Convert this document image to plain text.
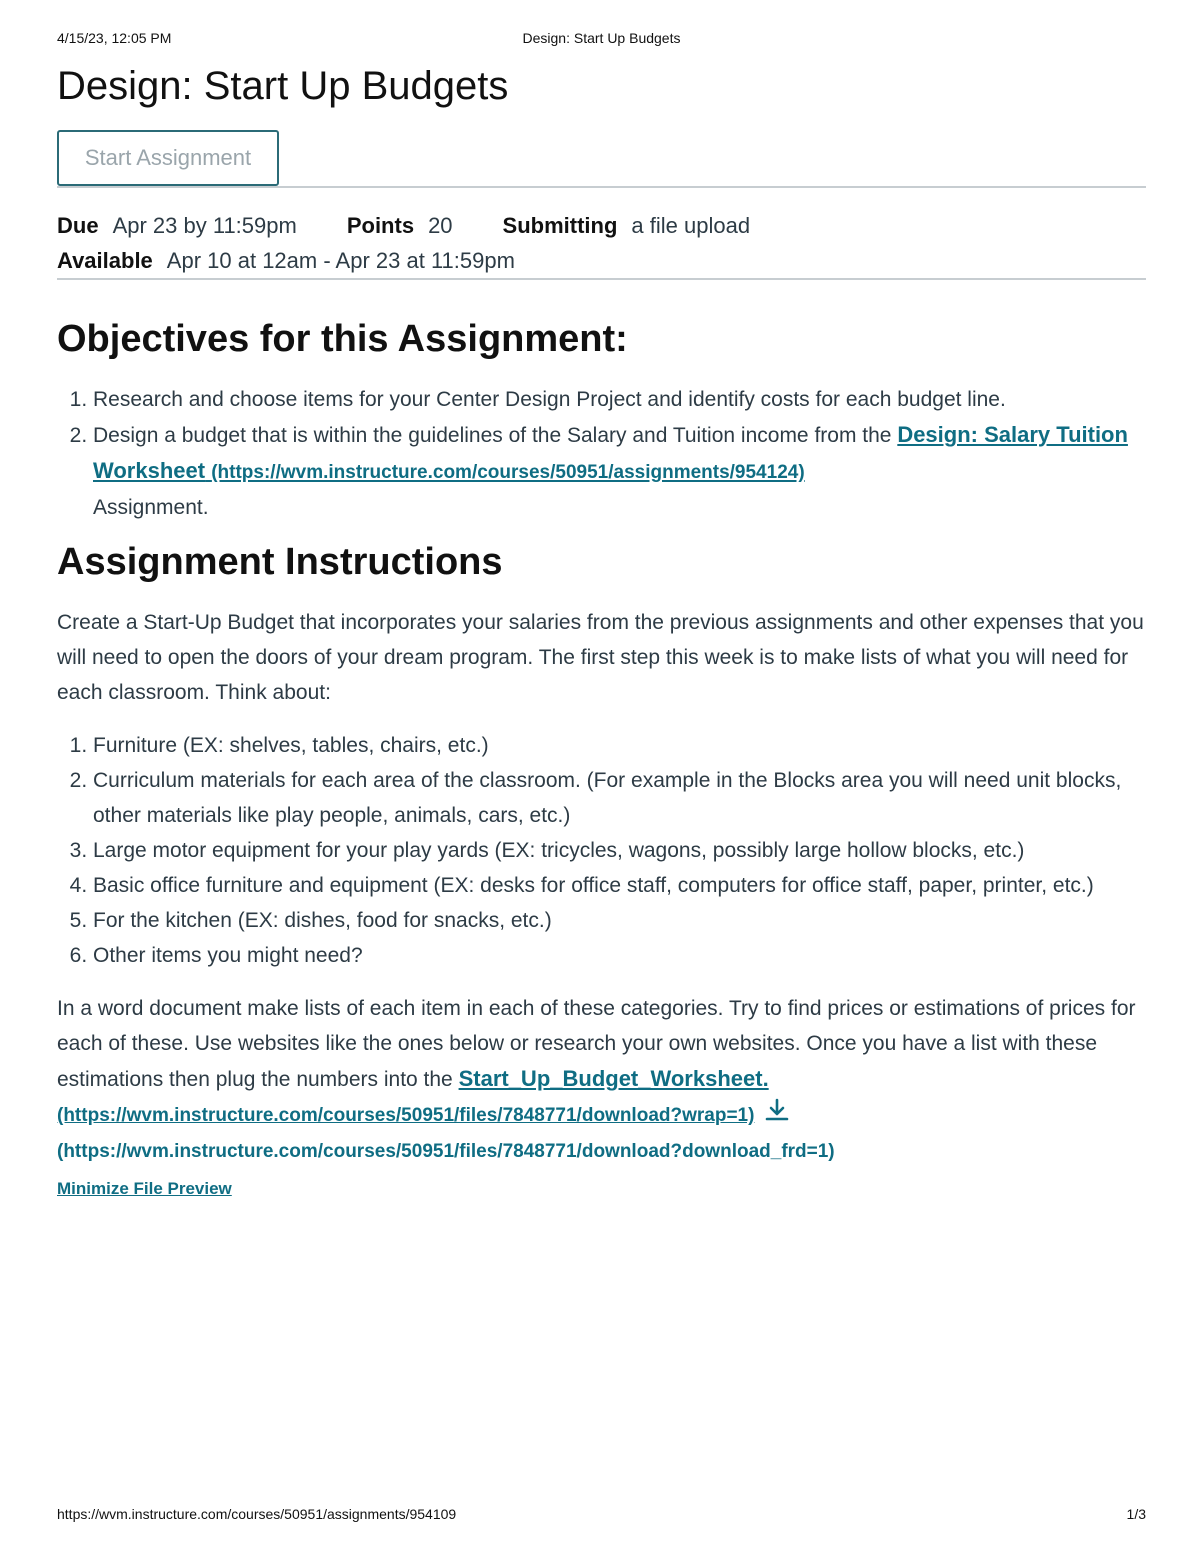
4/15/23, 12:05 PM	Design: Start Up Budgets
Design: Start Up Budgets
Start Assignment
Due Apr 23 by 11:59pm Points 20 Submitting a file upload
Available Apr 10 at 12am - Apr 23 at 11:59pm
Objectives for this Assignment:
1. Research and choose items for your Center Design Project and identify costs for each budget line.
2. Design a budget that is within the guidelines of the Salary and Tuition income from the Design: Salary Tuition Worksheet (https://wvm.instructure.com/courses/50951/assignments/954124)
Assignment.
Assignment Instructions

Create a Start-Up Budget that incorporates your salaries from the previous assignments and other expenses that you will need to open the doors of your dream program. The first step this week is to make lists of what you will need for each classroom. Think about:

1. Furniture (EX: shelves, tables, chairs, etc.)
2. Curriculum materials for each area of the classroom. (For example in the Blocks area you will need unit blocks, other materials like play people, animals, cars, etc.)
3. Large motor equipment for your play yards (EX: tricycles, wagons, possibly large hollow blocks, etc.)
4. Basic office furniture and equipment (EX: desks for office staff, computers for office staff, paper, printer, etc.)
5. For the kitchen (EX: dishes, food for snacks, etc.)
6. Other items you might need?

In a word document make lists of each item in each of these categories. Try to find prices or estimations of prices for each of these. Use websites like the ones below or research your own websites. Once you have a list with these estimations then plug the numbers into the Start_Up_Budget_Worksheet.
(https://wvm.instructure.com/courses/50951/files/7848771/download?wrap=1)
(https://wvm.instructure.com/courses/50951/files/7848771/download?download_frd=1)
Minimize File Preview

https://wvm.instructure.com/courses/50951/assignments/954109	1/3
